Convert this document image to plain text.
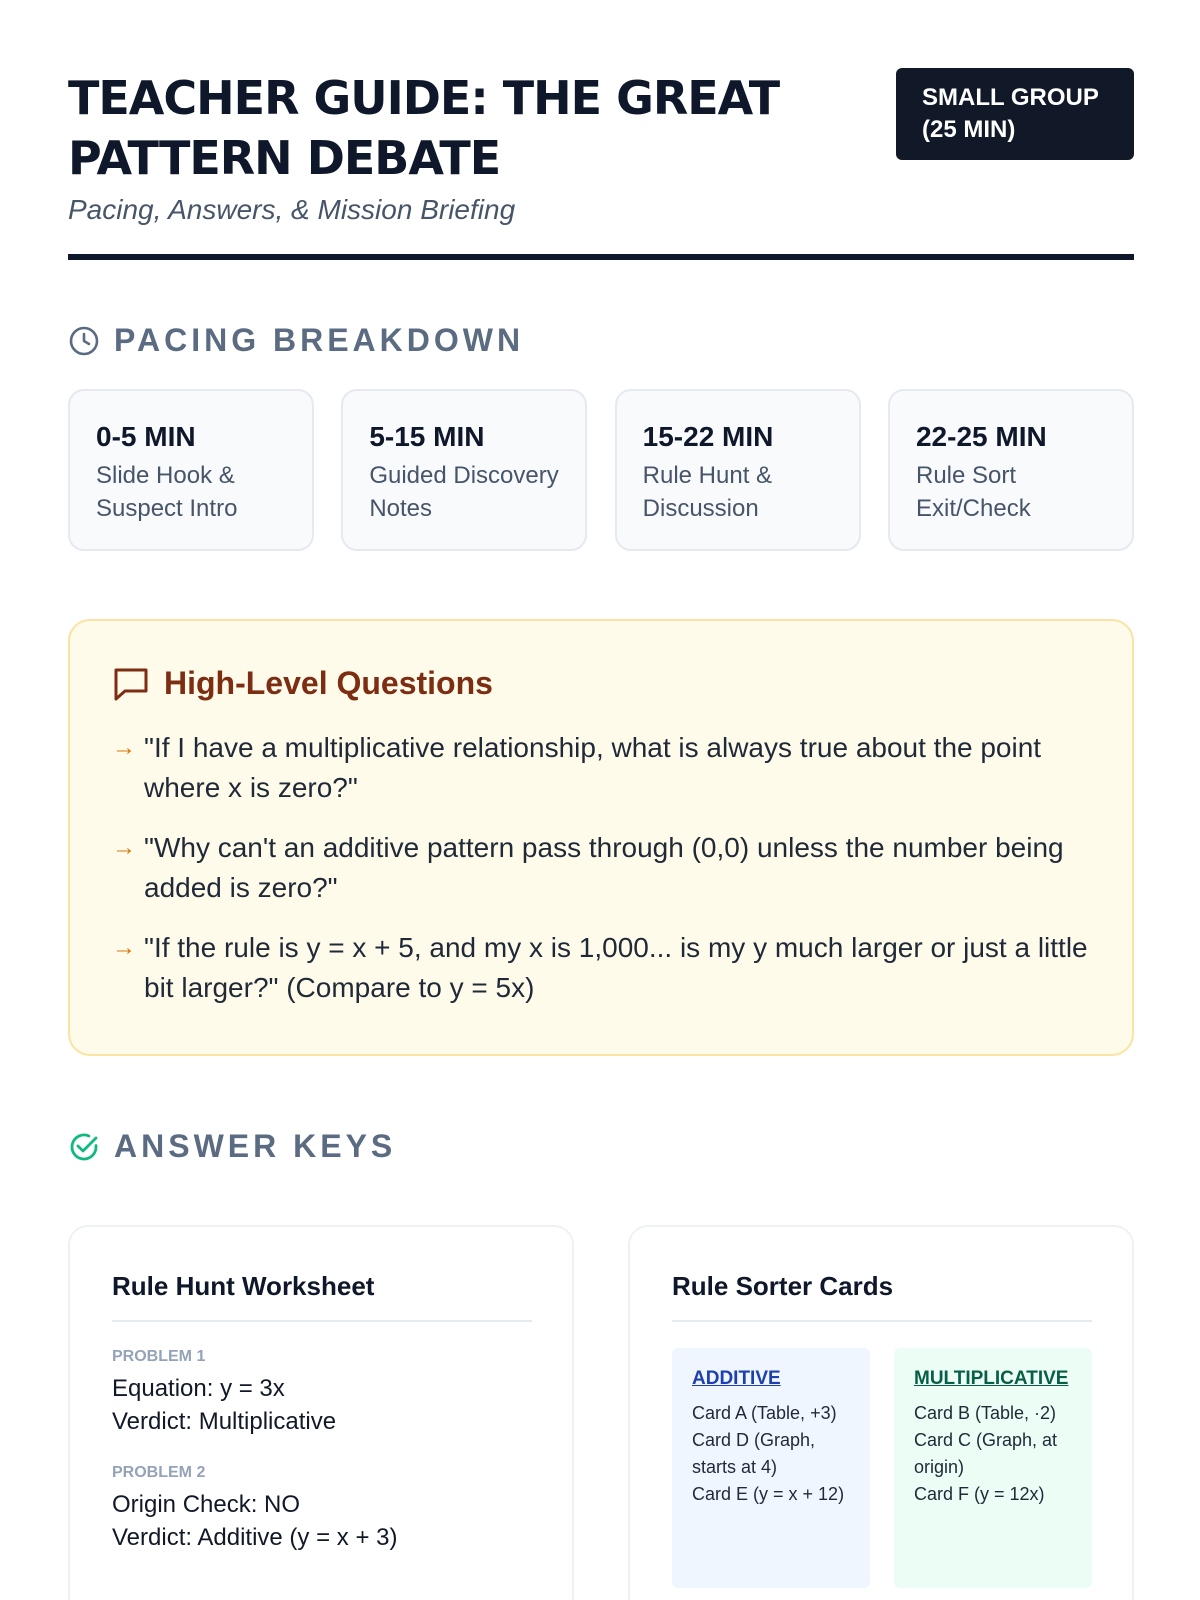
TEACHER GUIDE: THE GREAT PATTERN DEBATE
Pacing, Answers, & Mission Briefing
SMALL GROUP (25 MIN)
PACING BREAKDOWN
0-5 MIN
Slide Hook & Suspect Intro
5-15 MIN
Guided Discovery Notes
15-22 MIN
Rule Hunt & Discussion
22-25 MIN
Rule Sort Exit/Check
High-Level Questions
→ "If I have a multiplicative relationship, what is always true about the point where x is zero?"
→ "Why can't an additive pattern pass through (0,0) unless the number being added is zero?"
→ "If the rule is y = x + 5, and my x is 1,000... is my y much larger or just a little bit larger?" (Compare to y = 5x)
ANSWER KEYS
Rule Hunt Worksheet
PROBLEM 1
Equation: y = 3x
Verdict: Multiplicative
PROBLEM 2
Origin Check: NO
Verdict: Additive (y = x + 3)
Rule Sorter Cards
ADDITIVE
Card A (Table, +3)
Card D (Graph, starts at 4)
Card E (y = x + 12)
MULTIPLICATIVE
Card B (Table, ·2)
Card C (Graph, at origin)
Card F (y = 12x)
